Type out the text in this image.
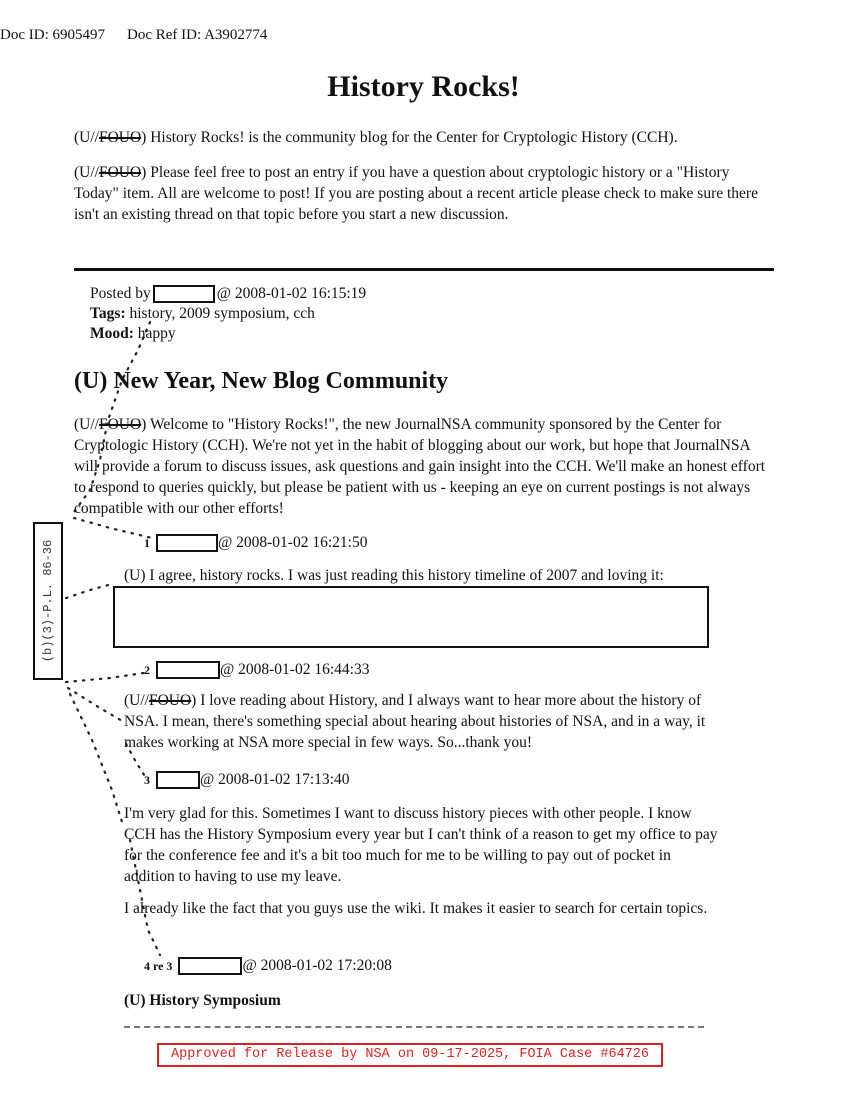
Doc ID: 6905497 Doc Ref ID: A3902774
History Rocks!
(U//FOUO) History Rocks! is the community blog for the Center for Cryptologic History (CCH).
(U//FOUO) Please feel free to post an entry if you have a question about cryptologic history or a "History Today" item. All are welcome to post! If you are posting about a recent article please check to make sure there isn't an existing thread on that topic before you start a new discussion.
Posted by	@ 2008-01-02 16:15:19
Tags: history, 2009 symposium, cch
Mood: happy
(U) New Year, New Blog Community
(U//FOUO) Welcome to "History Rocks!", the new JournalNSA community sponsored by the Center for Cryptologic History (CCH). We're not yet in the habit of blogging about our work, but hope that JournalNSA will provide a forum to discuss issues, ask questions and gain insight into the CCH. We'll make an honest effort to respond to queries quickly, but please be patient with us - keeping an eye on current postings is not always compatible with our other efforts!
(b)(3)-P.L. 86-36	1	@ 2008-01-02 16:21:50
(U) I agree, history rocks. I was just reading this history timeline of 2007 and loving it:
2	@ 2008-01-02 16:44:33
(U//FOUO) I love reading about History, and I always want to hear more about the history of NSA. I mean, there's something special about hearing about histories of NSA, and in a way, it makes working at NSA more special in few ways. So...thank you!
3	@ 2008-01-02 17:13:40
I'm very glad for this. Sometimes I want to discuss history pieces with other people. I know CCH has the History Symposium every year but I can't think of a reason to get my office to pay for the conference fee and it's a bit too much for me to be willing to pay out of pocket in addition to having to use my leave.
I already like the fact that you guys use the wiki. It makes it easier to search for certain topics.
4 re 3	@ 2008-01-02 17:20:08
(U) History Symposium
Approved for Release by NSA on 09-17-2025, FOIA Case #64726
